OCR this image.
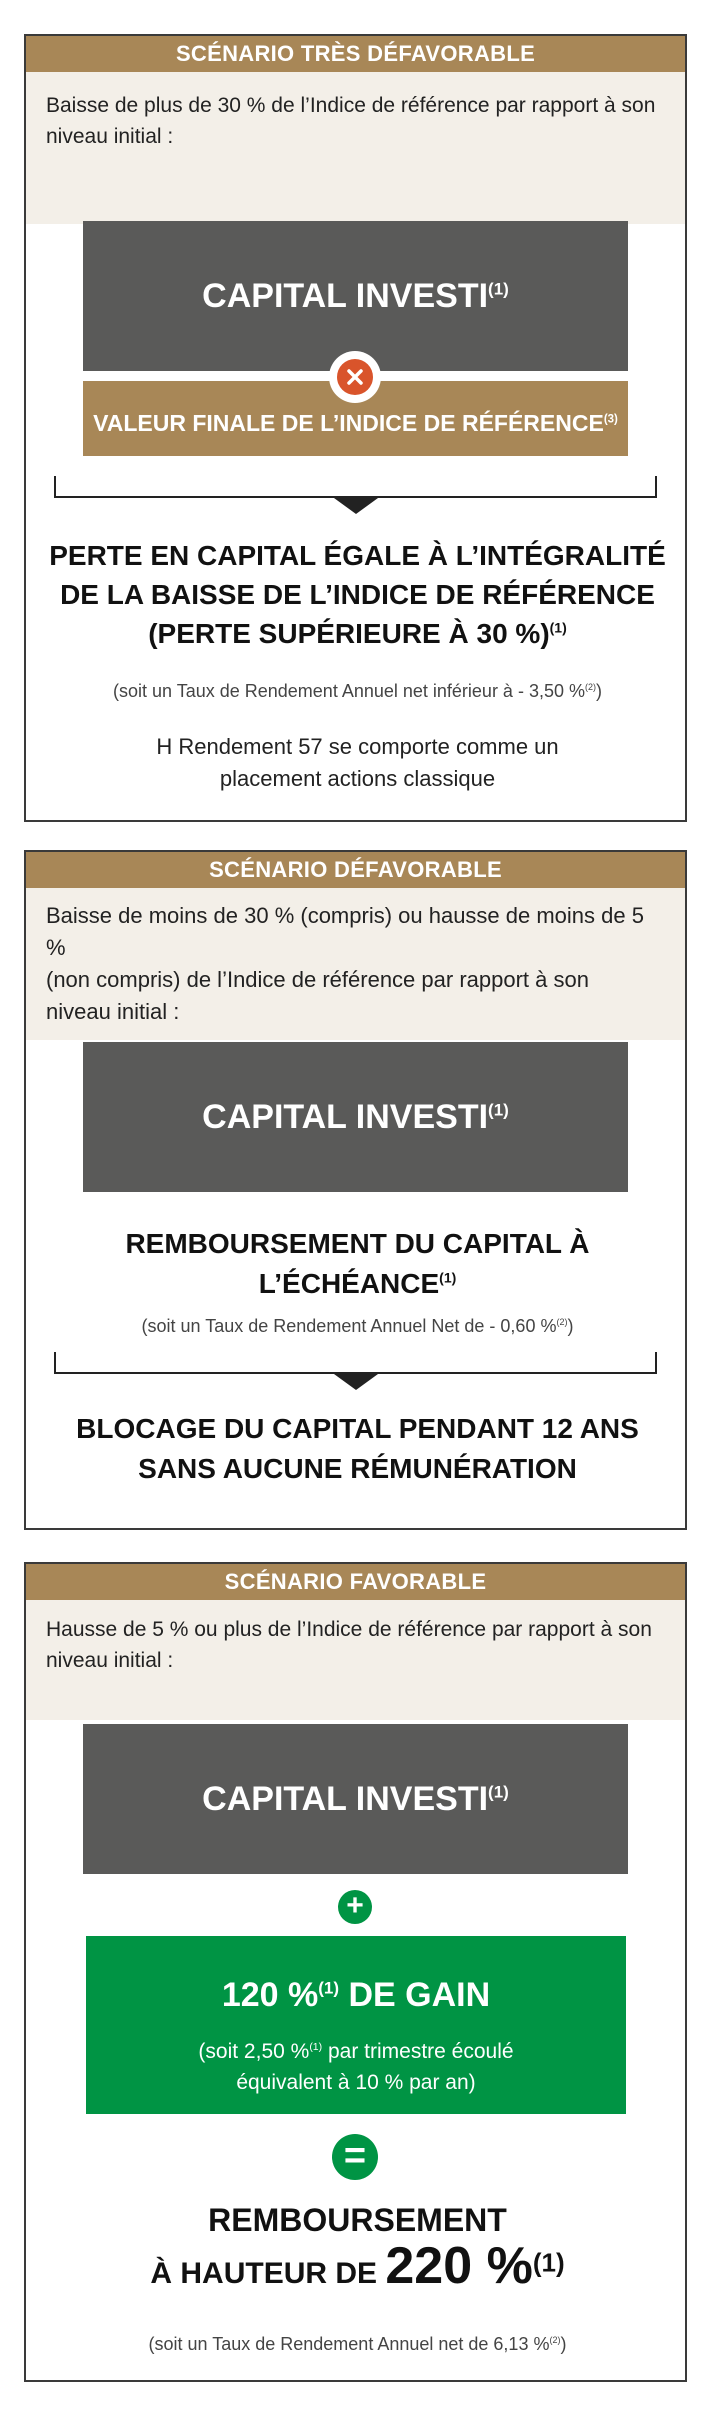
SCÉNARIO TRÈS DÉFAVORABLE
Baisse de plus de 30 % de l’Indice de référence par rapport à son niveau initial :
CAPITAL INVESTI$^{(1)}$
VALEUR FINALE DE L’INDICE DE RÉFÉRENCE$^{(3)}$
PERTE EN CAPITAL ÉGALE À L’INTÉGRALITÉ
DE LA BAISSE DE L’INDICE DE RÉFÉRENCE
(PERTE SUPÉRIEURE À 30 %)$^{(1)}$
(soit un Taux de Rendement Annuel net inférieur à - 3,50 %$^{(2)}$)
H Rendement 57 se comporte comme un
placement actions classique
SCÉNARIO DÉFAVORABLE
Baisse de moins de 30 % (compris) ou hausse de moins de 5 %
(non compris) de l’Indice de référence par rapport à son
niveau initial :
CAPITAL INVESTI$^{(1)}$
REMBOURSEMENT DU CAPITAL À
L’ÉCHÉANCE$^{(1)}$
(soit un Taux de Rendement Annuel Net de - 0,60 %$^{(2)}$)
BLOCAGE DU CAPITAL PENDANT 12 ANS
SANS AUCUNE RÉMUNÉRATION
SCÉNARIO FAVORABLE
Hausse de 5 % ou plus de l’Indice de référence par rapport à son niveau initial :
CAPITAL $INVESTI^{(1)}$
+
120 %$^{(1)}$ DE GAIN
(soit 2,50 %$^{(1)}$ par trimestre écoulé
équivalent à 10 % par an)
=
REMBOURSEMENT
À HAUTEUR DE 220 %$^{(1)}$
(soit un Taux de Rendement Annuel net de 6,13 %$^{(2)}$)
